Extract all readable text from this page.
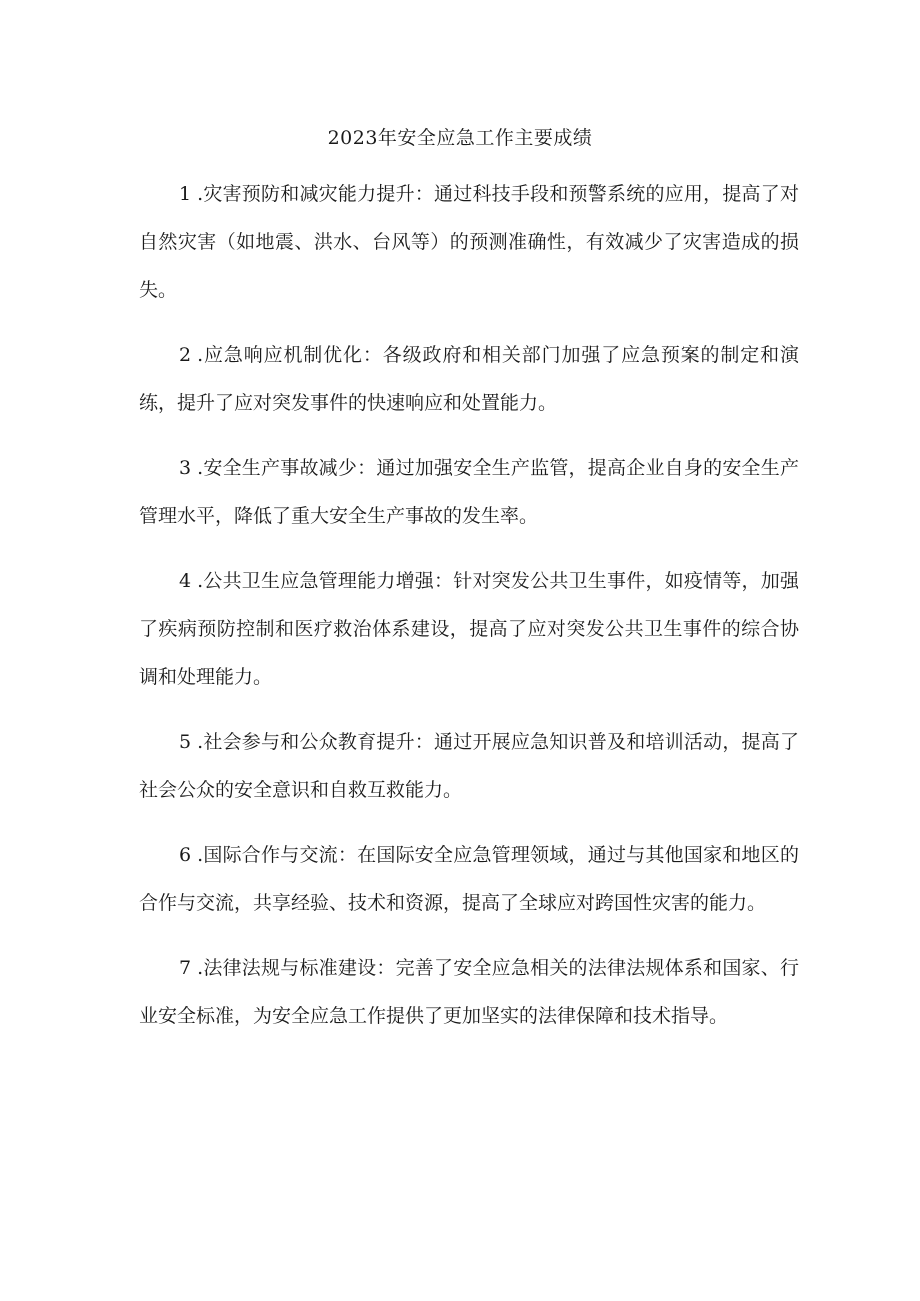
2023年安全应急工作主要成绩

1 .灾害预防和减灾能力提升：通过科技手段和预警系统的应用，提高了对自然灾害（如地震、洪水、台风等）的预测准确性，有效减少了灾害造成的损失。

2 .应急响应机制优化：各级政府和相关部门加强了应急预案的制定和演练，提升了应对突发事件的快速响应和处置能力。

3 .安全生产事故减少：通过加强安全生产监管，提高企业自身的安全生产管理水平，降低了重大安全生产事故的发生率。

4 .公共卫生应急管理能力增强：针对突发公共卫生事件，如疫情等，加强了疾病预防控制和医疗救治体系建设，提高了应对突发公共卫生事件的综合协调和处理能力。

5 .社会参与和公众教育提升：通过开展应急知识普及和培训活动，提高了社会公众的安全意识和自救互救能力。

6 .国际合作与交流：在国际安全应急管理领域，通过与其他国家和地区的合作与交流，共享经验、技术和资源，提高了全球应对跨国性灾害的能力。

7 .法律法规与标准建设：完善了安全应急相关的法律法规体系和国家、行业安全标准，为安全应急工作提供了更加坚实的法律保障和技术指导。
